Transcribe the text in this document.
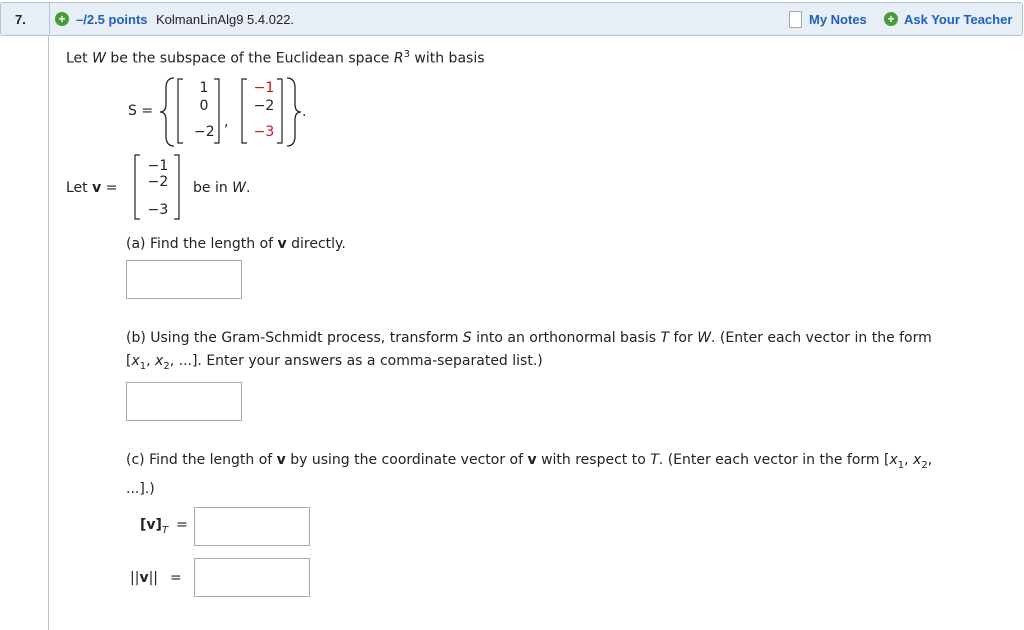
7.	+ –/2.5 points KolmanLinAlg9 5.4.022.	My Notes + Ask Your Teacher
Let W be the subspace of the Euclidean space $R^3$ with basis
S =
1
0
−2
,
−1
−2
−3
.
Let v =
−1
−2
−3
be in W.
(a) Find the length of v directly.
(b) Using the Gram-Schmidt process, transform S into an orthonormal basis T for W. (Enter each vector in the form
[$x_1$, $x_2$, ...]. Enter your answers as a comma-separated list.)
(c) Find the length of v by using the coordinate vector of v with respect to T. (Enter each vector in the form [$x_1$, $x_2$,
...].)
$[v]_T$ =
||v|| =
